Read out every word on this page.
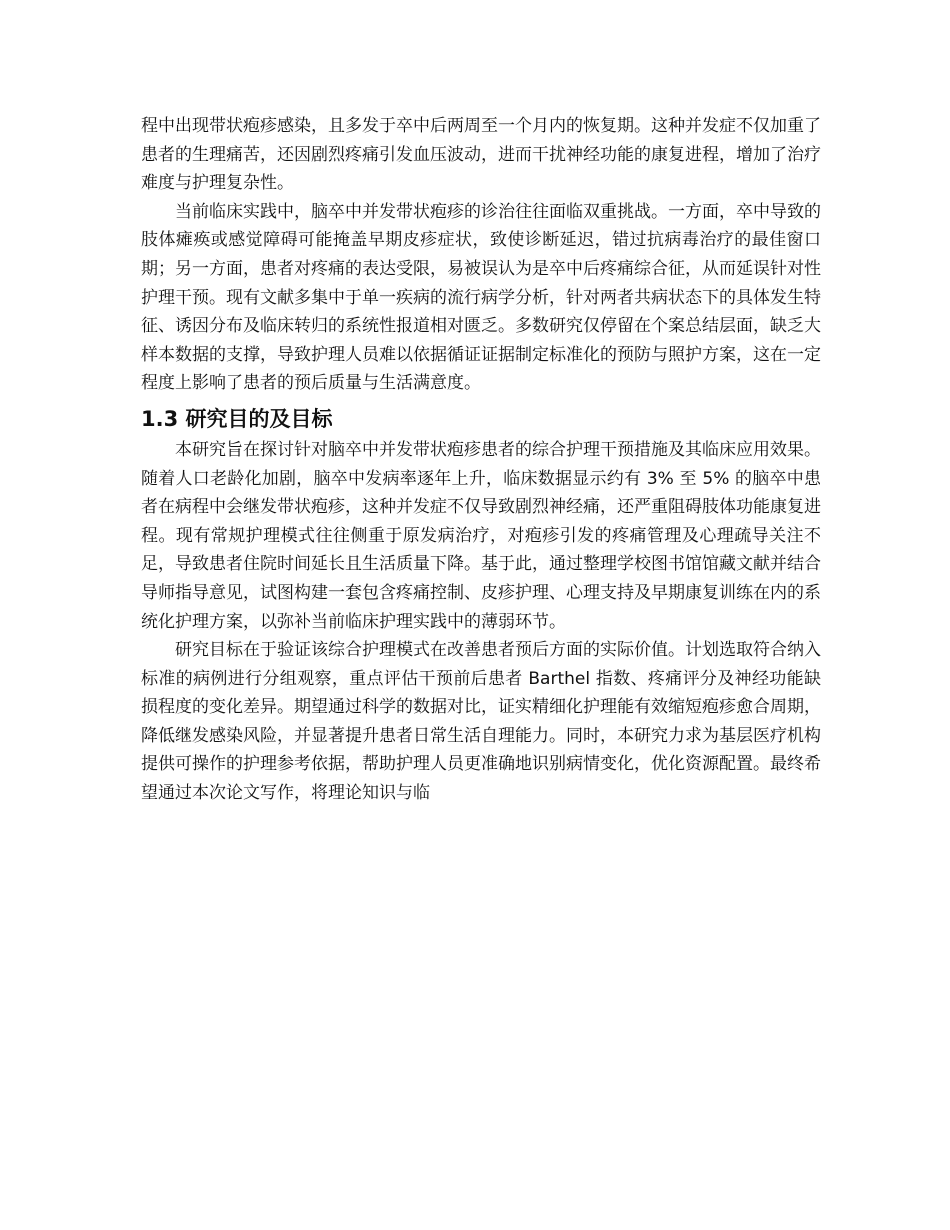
程中出现带状疱疹感染，且多发于卒中后两周至一个月内的恢复期。这种并发症不仅加重了患者的生理痛苦，还因剧烈疼痛引发血压波动，进而干扰神经功能的康复进程，增加了治疗难度与护理复杂性。

当前临床实践中，脑卒中并发带状疱疹的诊治往往面临双重挑战。一方面，卒中导致的肢体瘫痪或感觉障碍可能掩盖早期皮疹症状，致使诊断延迟，错过抗病毒治疗的最佳窗口期；另一方面，患者对疼痛的表达受限，易被误认为是卒中后疼痛综合征，从而延误针对性护理干预。现有文献多集中于单一疾病的流行病学分析，针对两者共病状态下的具体发生特征、诱因分布及临床转归的系统性报道相对匮乏。多数研究仅停留在个案总结层面，缺乏大样本数据的支撑，导致护理人员难以依据循证证据制定标准化的预防与照护方案，这在一定程度上影响了患者的预后质量与生活满意度。

1.3 研究目的及目标

本研究旨在探讨针对脑卒中并发带状疱疹患者的综合护理干预措施及其临床应用效果。随着人口老龄化加剧，脑卒中发病率逐年上升，临床数据显示约有 3% 至 5% 的脑卒中患者在病程中会继发带状疱疹，这种并发症不仅导致剧烈神经痛，还严重阻碍肢体功能康复进程。现有常规护理模式往往侧重于原发病治疗，对疱疹引发的疼痛管理及心理疏导关注不足，导致患者住院时间延长且生活质量下降。基于此，通过整理学校图书馆馆藏文献并结合导师指导意见，试图构建一套包含疼痛控制、皮疹护理、心理支持及早期康复训练在内的系统化护理方案，以弥补当前临床护理实践中的薄弱环节。

研究目标在于验证该综合护理模式在改善患者预后方面的实际价值。计划选取符合纳入标准的病例进行分组观察，重点评估干预前后患者 Barthel 指数、疼痛评分及神经功能缺损程度的变化差异。期望通过科学的数据对比，证实精细化护理能有效缩短疱疹愈合周期，降低继发感染风险，并显著提升患者日常生活自理能力。同时，本研究力求为基层医疗机构提供可操作的护理参考依据，帮助护理人员更准确地识别病情变化，优化资源配置。最终希望通过本次论文写作，将理论知识与临
